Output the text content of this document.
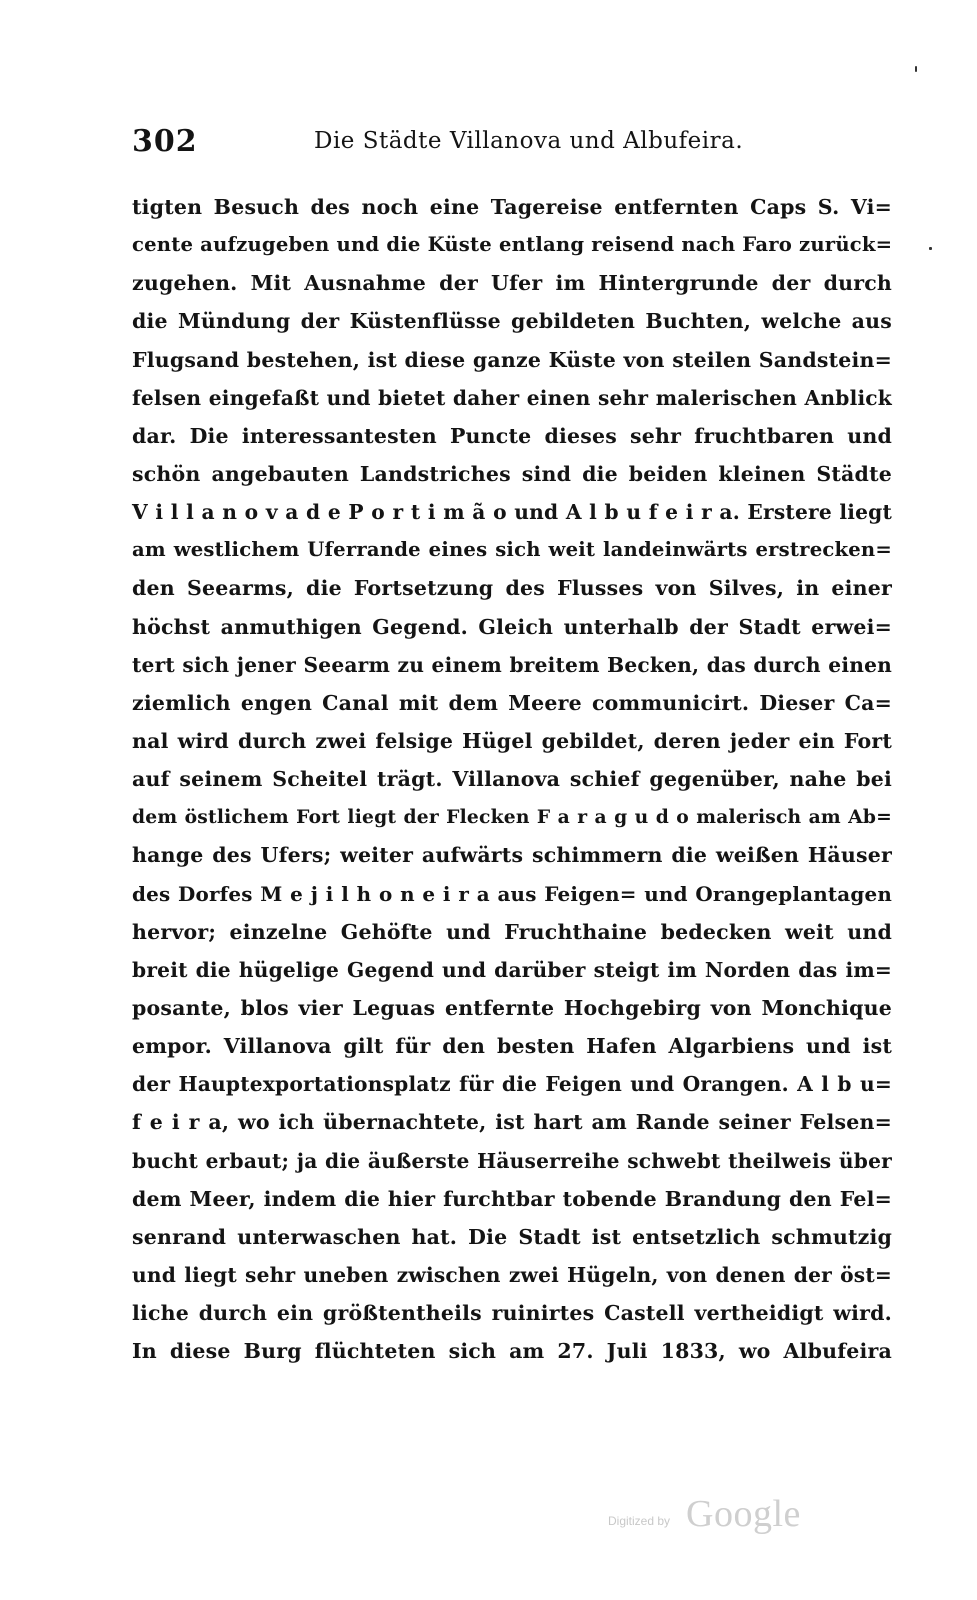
302	Die Städte Villanova und Albufeira.
tigten Besuch des noch eine Tagereise entfernten Caps S. Vi=
cente aufzugeben und die Küste entlang reisend nach Faro zurück=
zugehen. Mit Ausnahme der Ufer im Hintergrunde der durch
die Mündung der Küstenflüsse gebildeten Buchten, welche aus
Flugsand bestehen, ist diese ganze Küste von steilen Sandstein=
felsen eingefaßt und bietet daher einen sehr malerischen Anblick
dar. Die interessantesten Puncte dieses sehr fruchtbaren und
schön angebauten Landstriches sind die beiden kleinen Städte
V i l l a n o v a d e P o r t i m ã o und A l b u f e i r a. Erstere liegt
am westlichem Uferrande eines sich weit landeinwärts erstrecken=
den Seearms, die Fortsetzung des Flusses von Silves, in einer
höchst anmuthigen Gegend. Gleich unterhalb der Stadt erwei=
tert sich jener Seearm zu einem breitem Becken, das durch einen
ziemlich engen Canal mit dem Meere communicirt. Dieser Ca=
nal wird durch zwei felsige Hügel gebildet, deren jeder ein Fort
auf seinem Scheitel trägt. Villanova schief gegenüber, nahe bei
dem östlichem Fort liegt der Flecken F a r a g u d o malerisch am Ab=
hange des Ufers; weiter aufwärts schimmern die weißen Häuser
des Dorfes M e j i l h o n e i r a aus Feigen= und Orangeplantagen
hervor; einzelne Gehöfte und Fruchthaine bedecken weit und
breit die hügelige Gegend und darüber steigt im Norden das im=
posante, blos vier Leguas entfernte Hochgebirg von Monchique
empor. Villanova gilt für den besten Hafen Algarbiens und ist
der Hauptexportationsplatz für die Feigen und Orangen. A l b u=
f e i r a, wo ich übernachtete, ist hart am Rande seiner Felsen=
bucht erbaut; ja die äußerste Häuserreihe schwebt theilweis über
dem Meer, indem die hier furchtbar tobende Brandung den Fel=
senrand unterwaschen hat. Die Stadt ist entsetzlich schmutzig
und liegt sehr uneben zwischen zwei Hügeln, von denen der öst=
liche durch ein größtentheils ruinirtes Castell vertheidigt wird.
In diese Burg flüchteten sich am 27. Juli 1833, wo Albufeira
Digitized by Google
